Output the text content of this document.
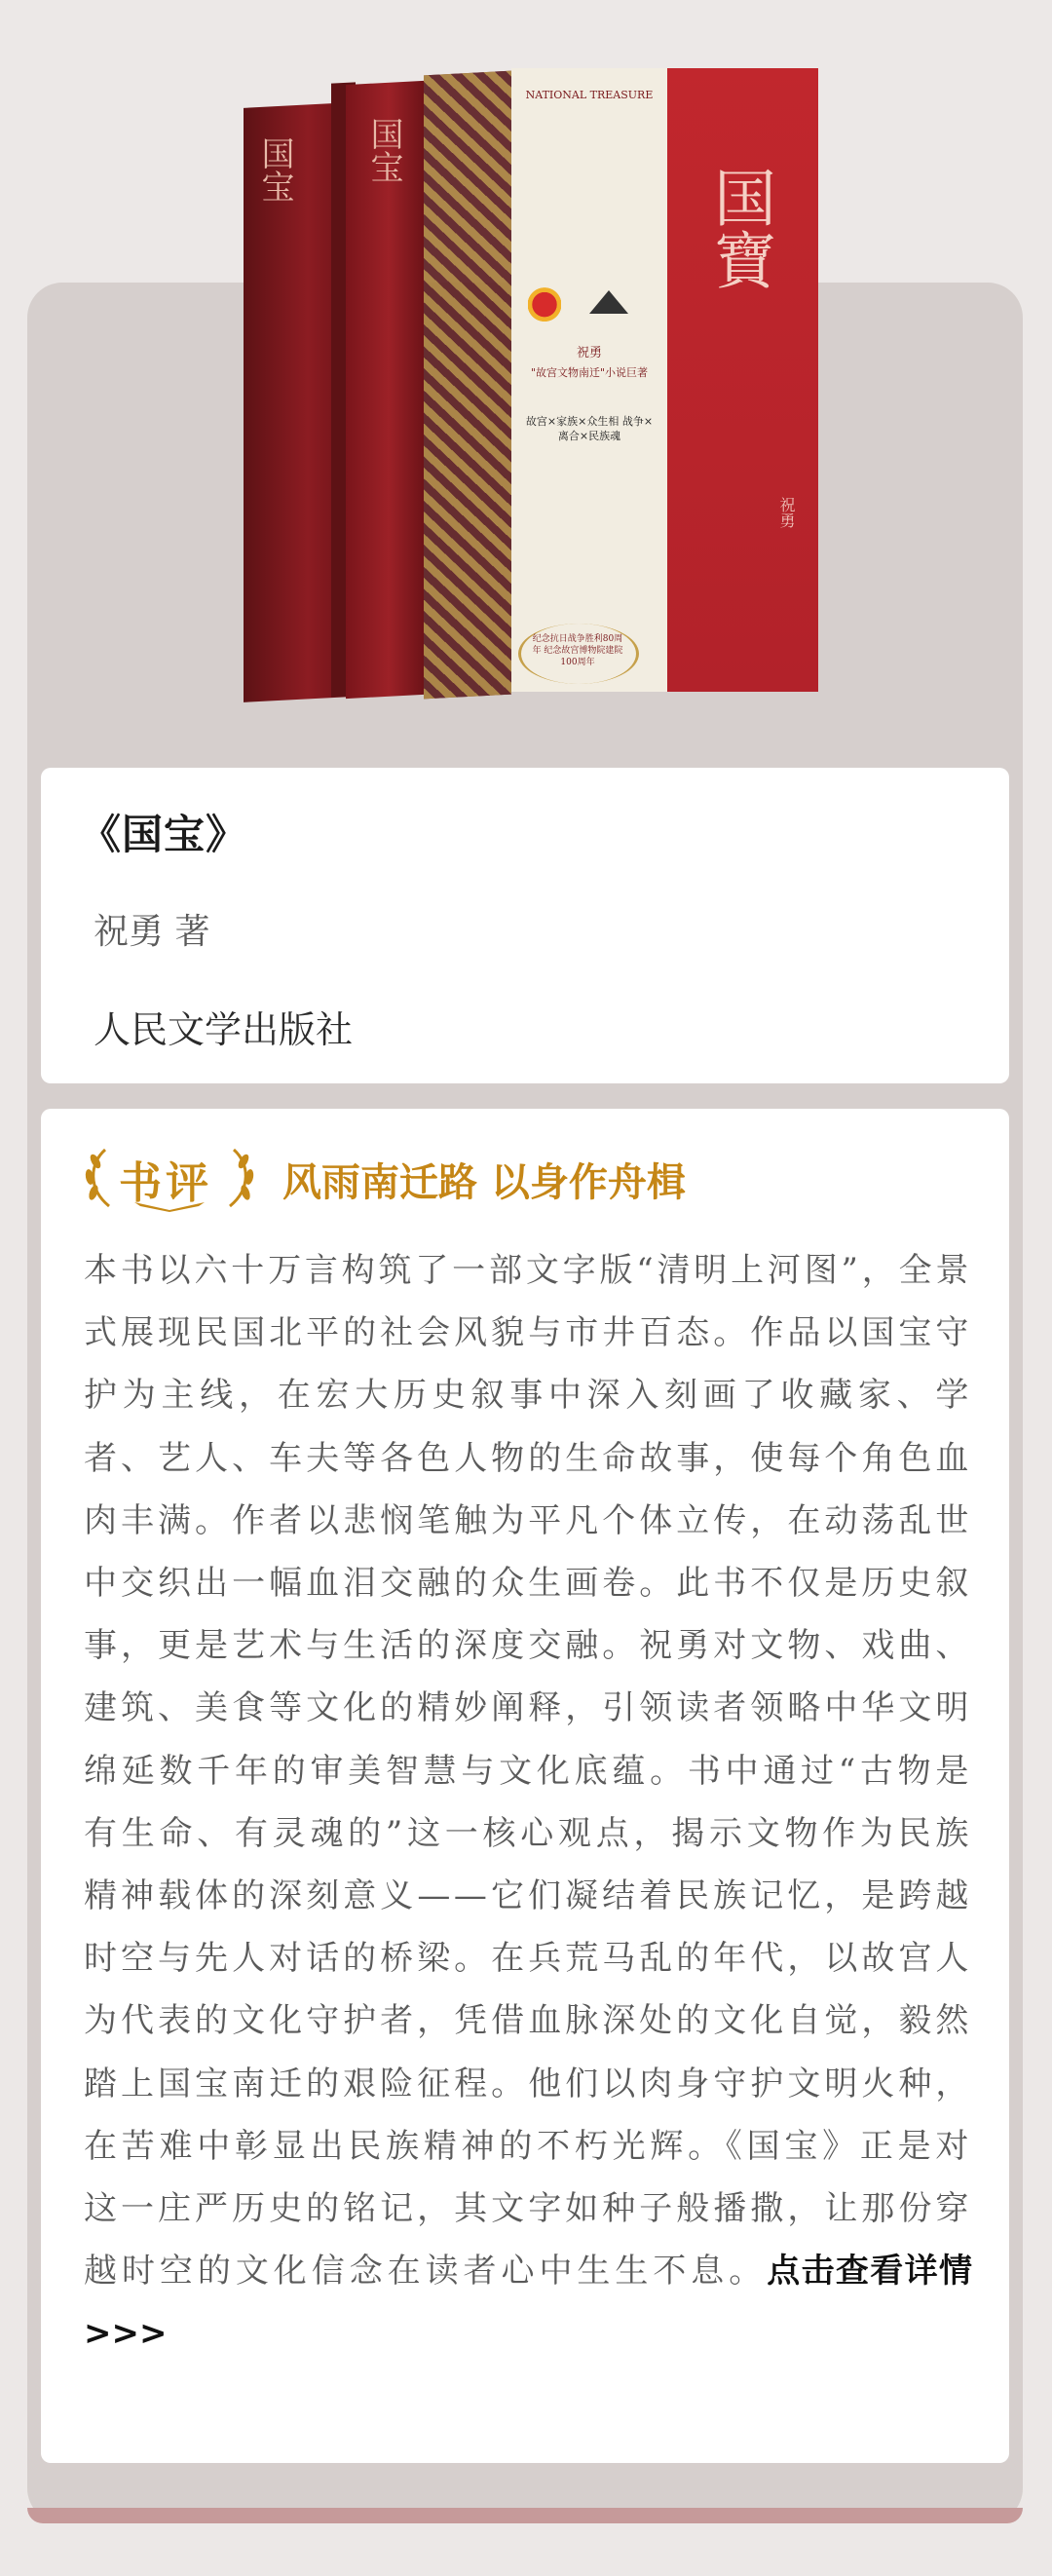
国宝 国宝
NATIONAL TREASURE
祝勇
"故宫文物南迁"小说巨著
故宫×家族×众生相 战争×离合×民族魂
纪念抗日战争胜利80周年 纪念故宫博物院建院100周年
国寶
祝勇
《国宝》
祝勇 著
人民文学出版社
书评 风雨南迁路 以身作舟楫
本书以六十万言构筑了一部文字版“清明上河图”，全景式展现民国北平的社会风貌与市井百态。作品以国宝守护为主线，在宏大历史叙事中深入刻画了收藏家、学者、艺人、车夫等各色人物的生命故事，使每个角色血肉丰满。作者以悲悯笔触为平凡个体立传，在动荡乱世中交织出一幅血泪交融的众生画卷。此书不仅是历史叙事，更是艺术与生活的深度交融。祝勇对文物、戏曲、建筑、美食等文化的精妙阐释，引领读者领略中华文明绵延数千年的审美智慧与文化底蕴。书中通过“古物是有生命、有灵魂的”这一核心观点，揭示文物作为民族精神载体的深刻意义——它们凝结着民族记忆，是跨越时空与先人对话的桥梁。在兵荒马乱的年代，以故宫人为代表的文化守护者，凭借血脉深处的文化自觉，毅然踏上国宝南迁的艰险征程。他们以肉身守护文明火种，在苦难中彰显出民族精神的不朽光辉。《国宝》正是对这一庄严历史的铭记，其文字如种子般播撒，让那份穿越时空的文化信念在读者心中生生不息。点击查看详情>>>
